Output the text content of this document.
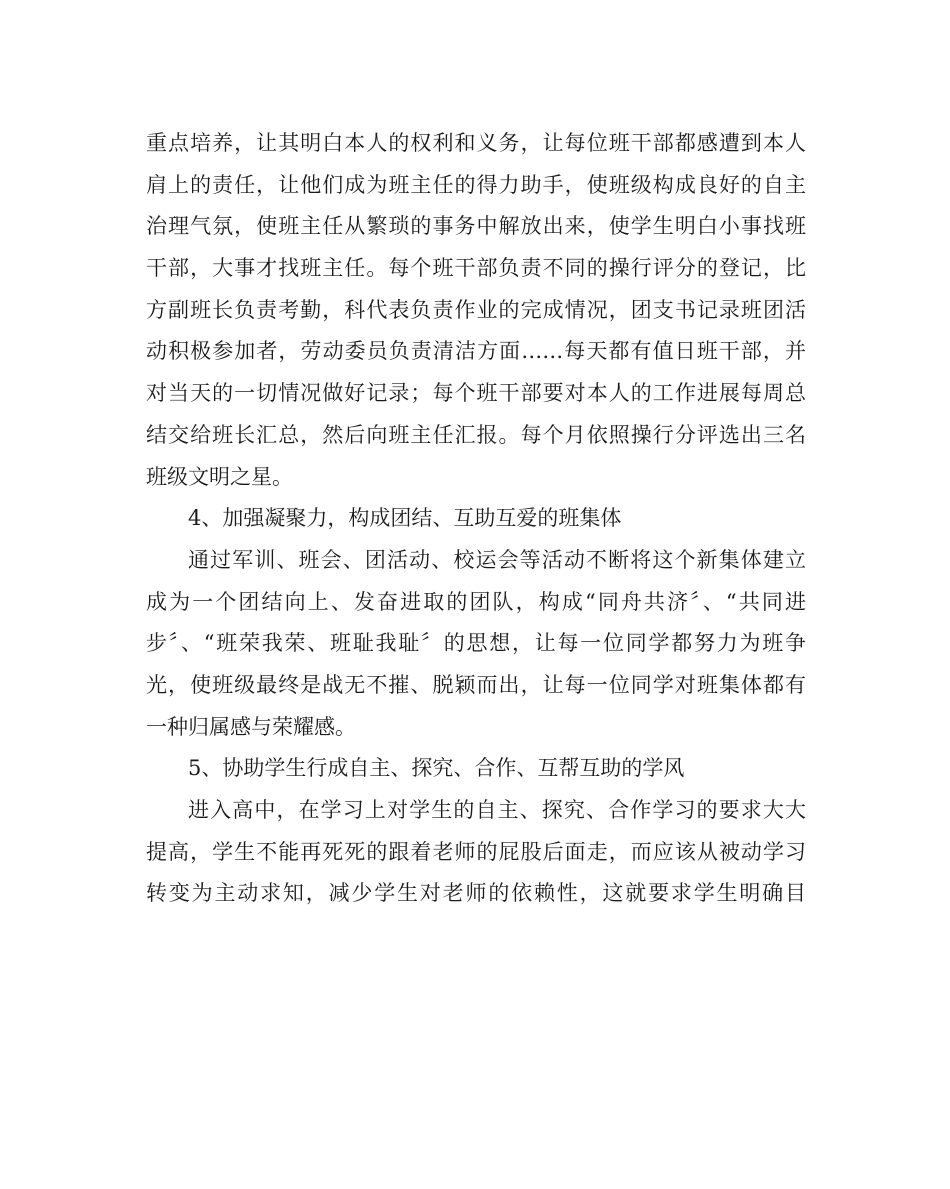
重点培养，让其明白本人的权利和义务，让每位班干部都感遭到本人
肩上的责任，让他们成为班主任的得力助手，使班级构成良好的自主
治理气氛，使班主任从繁琐的事务中解放出来，使学生明白小事找班
干部，大事才找班主任。每个班干部负责不同的操行评分的登记，比
方副班长负责考勤，科代表负责作业的完成情况，团支书记录班团活
动积极参加者，劳动委员负责清洁方面……每天都有值日班干部，并
对当天的一切情况做好记录；每个班干部要对本人的工作进展每周总
结交给班长汇总，然后向班主任汇报。每个月依照操行分评选出三名
班级文明之星。
4、加强凝聚力，构成团结、互助互爱的班集体
通过军训、班会、团活动、校运会等活动不断将这个新集体建立
成为一个团结向上、发奋进取的团队，构成“同舟共济〞、“共同进
步〞、“班荣我荣、班耻我耻〞的思想，让每一位同学都努力为班争
光，使班级最终是战无不摧、脱颖而出，让每一位同学对班集体都有
一种归属感与荣耀感。
5、协助学生行成自主、探究、合作、互帮互助的学风
进入高中，在学习上对学生的自主、探究、合作学习的要求大大
提高，学生不能再死死的跟着老师的屁股后面走，而应该从被动学习
转变为主动求知，减少学生对老师的依赖性，这就要求学生明确目
